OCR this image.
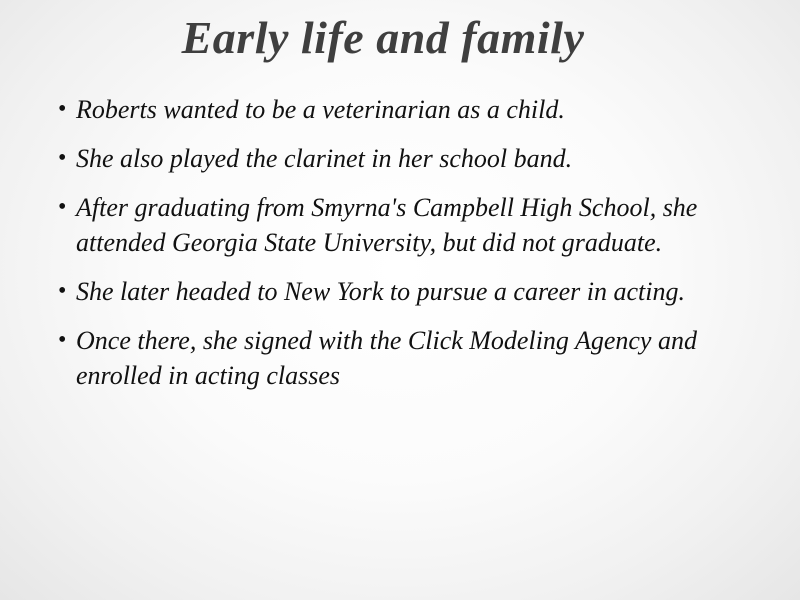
Early life and family
• Roberts wanted to be a veterinarian as a child.
• She also played the clarinet in her school band.
• After graduating from Smyrna's Campbell High School, she attended Georgia State University, but did not graduate.
• She later headed to New York to pursue a career in acting.
• Once there, she signed with the Click Modeling Agency and enrolled in acting classes
